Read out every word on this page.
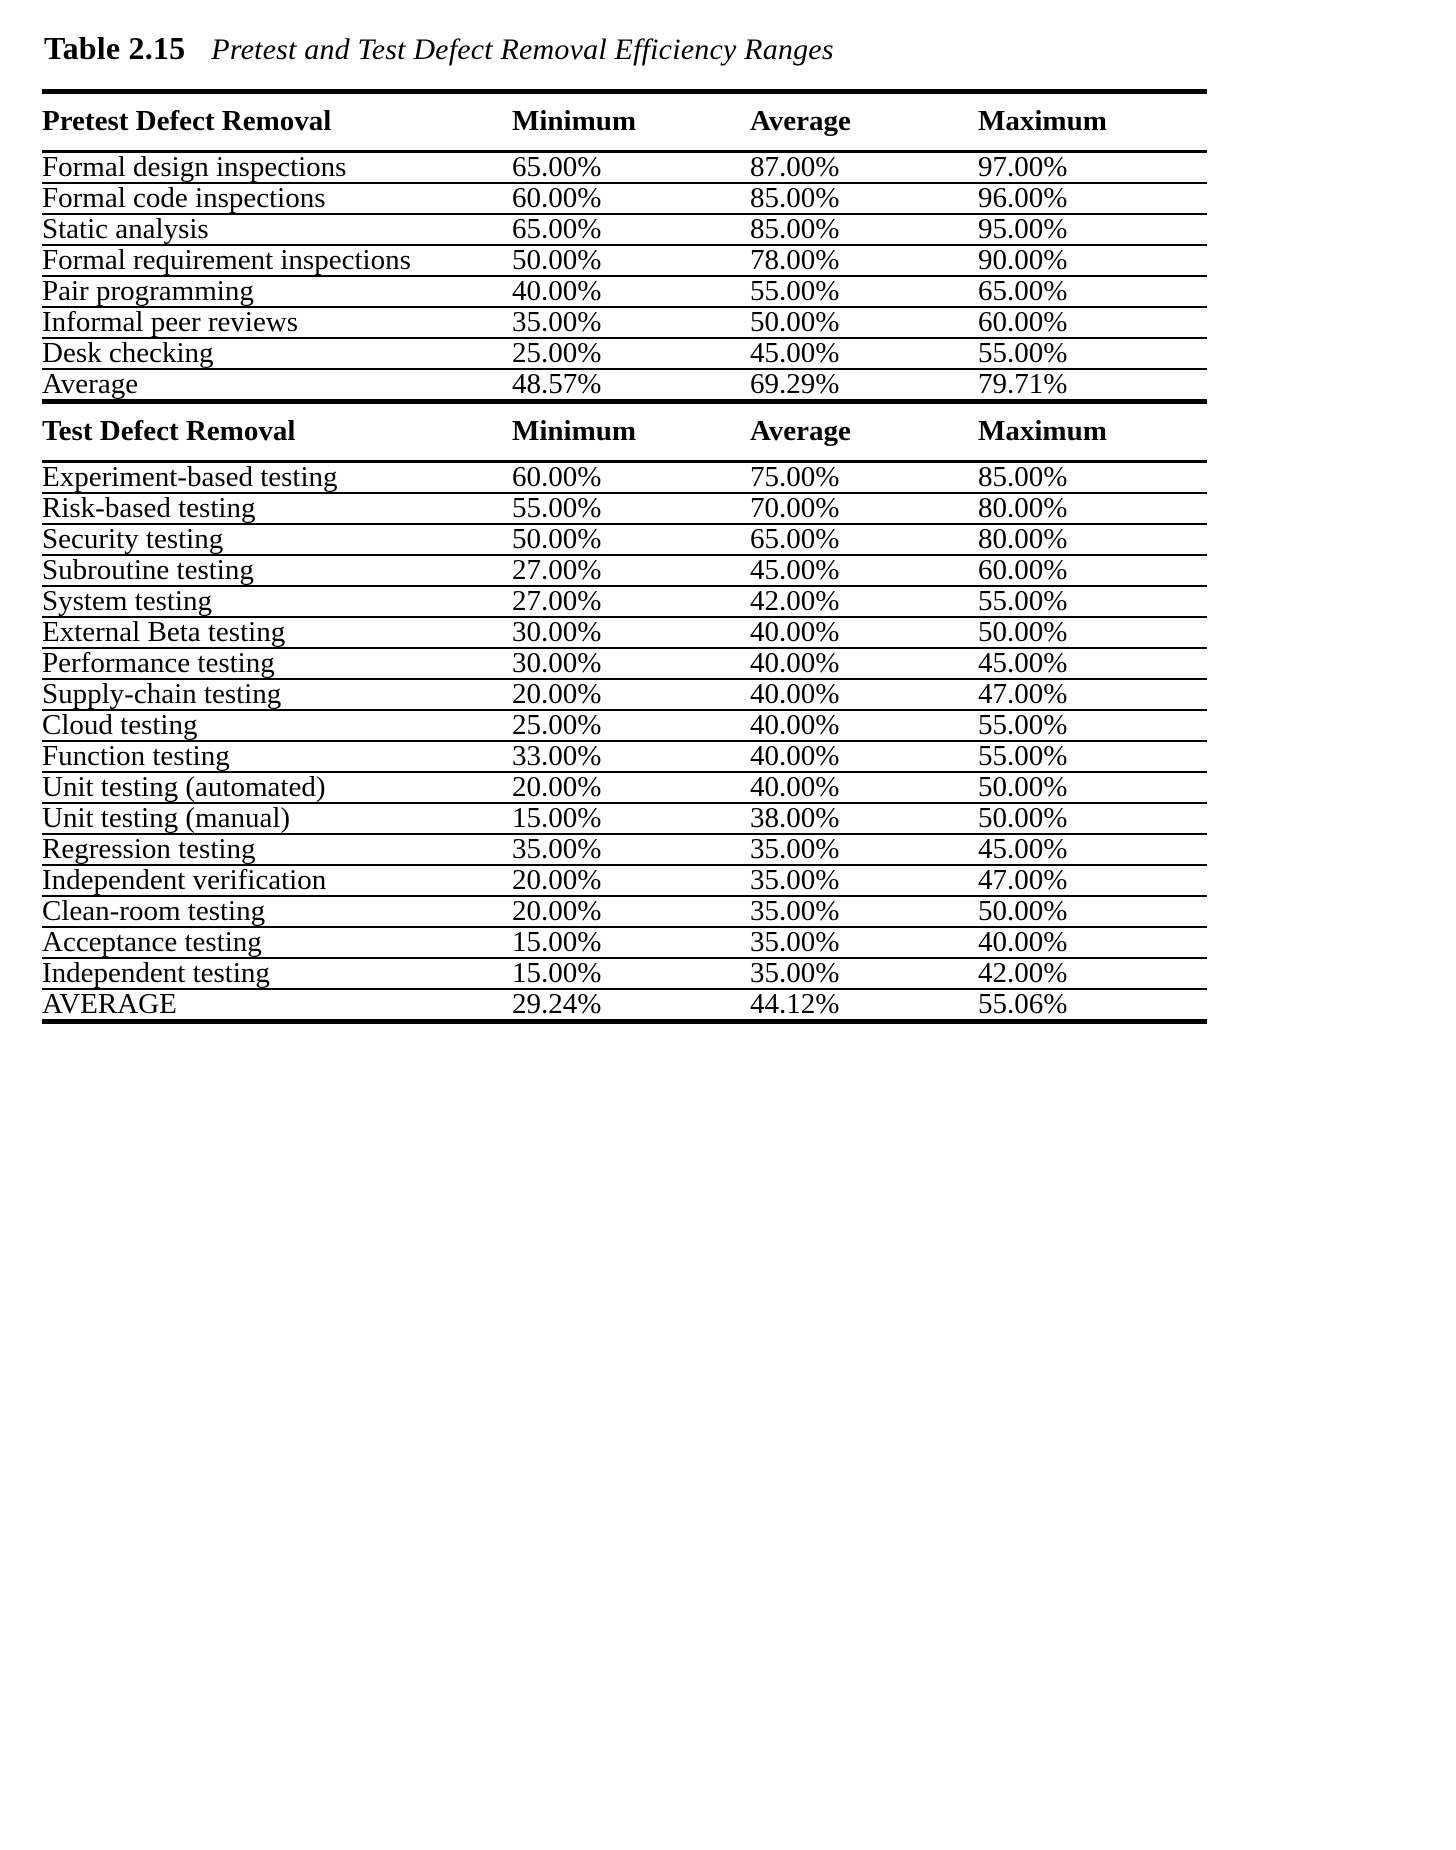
Table 2.15 Pretest and Test Defect Removal Efficiency Ranges

Pretest Defect Removal	Minimum	Average	Maximum

Formal design inspections	65.00%	87.00%	97.00%

Formal code inspections	60.00%	85.00%	96.00%

Static analysis	65.00%	85.00%	95.00%

Formal requirement inspections	50.00%	78.00%	90.00%

Pair programming	40.00%	55.00%	65.00%

Informal peer reviews	35.00%	50.00%	60.00%

Desk checking	25.00%	45.00%	55.00%

Average	48.57%	69.29%	79.71%

Test Defect Removal	Minimum	Average	Maximum

Experiment-based testing	60.00%	75.00%	85.00%

Risk-based testing	55.00%	70.00%	80.00%

Security testing	50.00%	65.00%	80.00%

Subroutine testing	27.00%	45.00%	60.00%

System testing	27.00%	42.00%	55.00%

External Beta testing	30.00%	40.00%	50.00%

Performance testing	30.00%	40.00%	45.00%

Supply-chain testing	20.00%	40.00%	47.00%

Cloud testing	25.00%	40.00%	55.00%

Function testing	33.00%	40.00%	55.00%

Unit testing (automated)	20.00%	40.00%	50.00%

Unit testing (manual)	15.00%	38.00%	50.00%

Regression testing	35.00%	35.00%	45.00%

Independent verification	20.00%	35.00%	47.00%

Clean-room testing	20.00%	35.00%	50.00%

Acceptance testing	15.00%	35.00%	40.00%

Independent testing	15.00%	35.00%	42.00%

AVERAGE	29.24%	44.12%	55.06%
